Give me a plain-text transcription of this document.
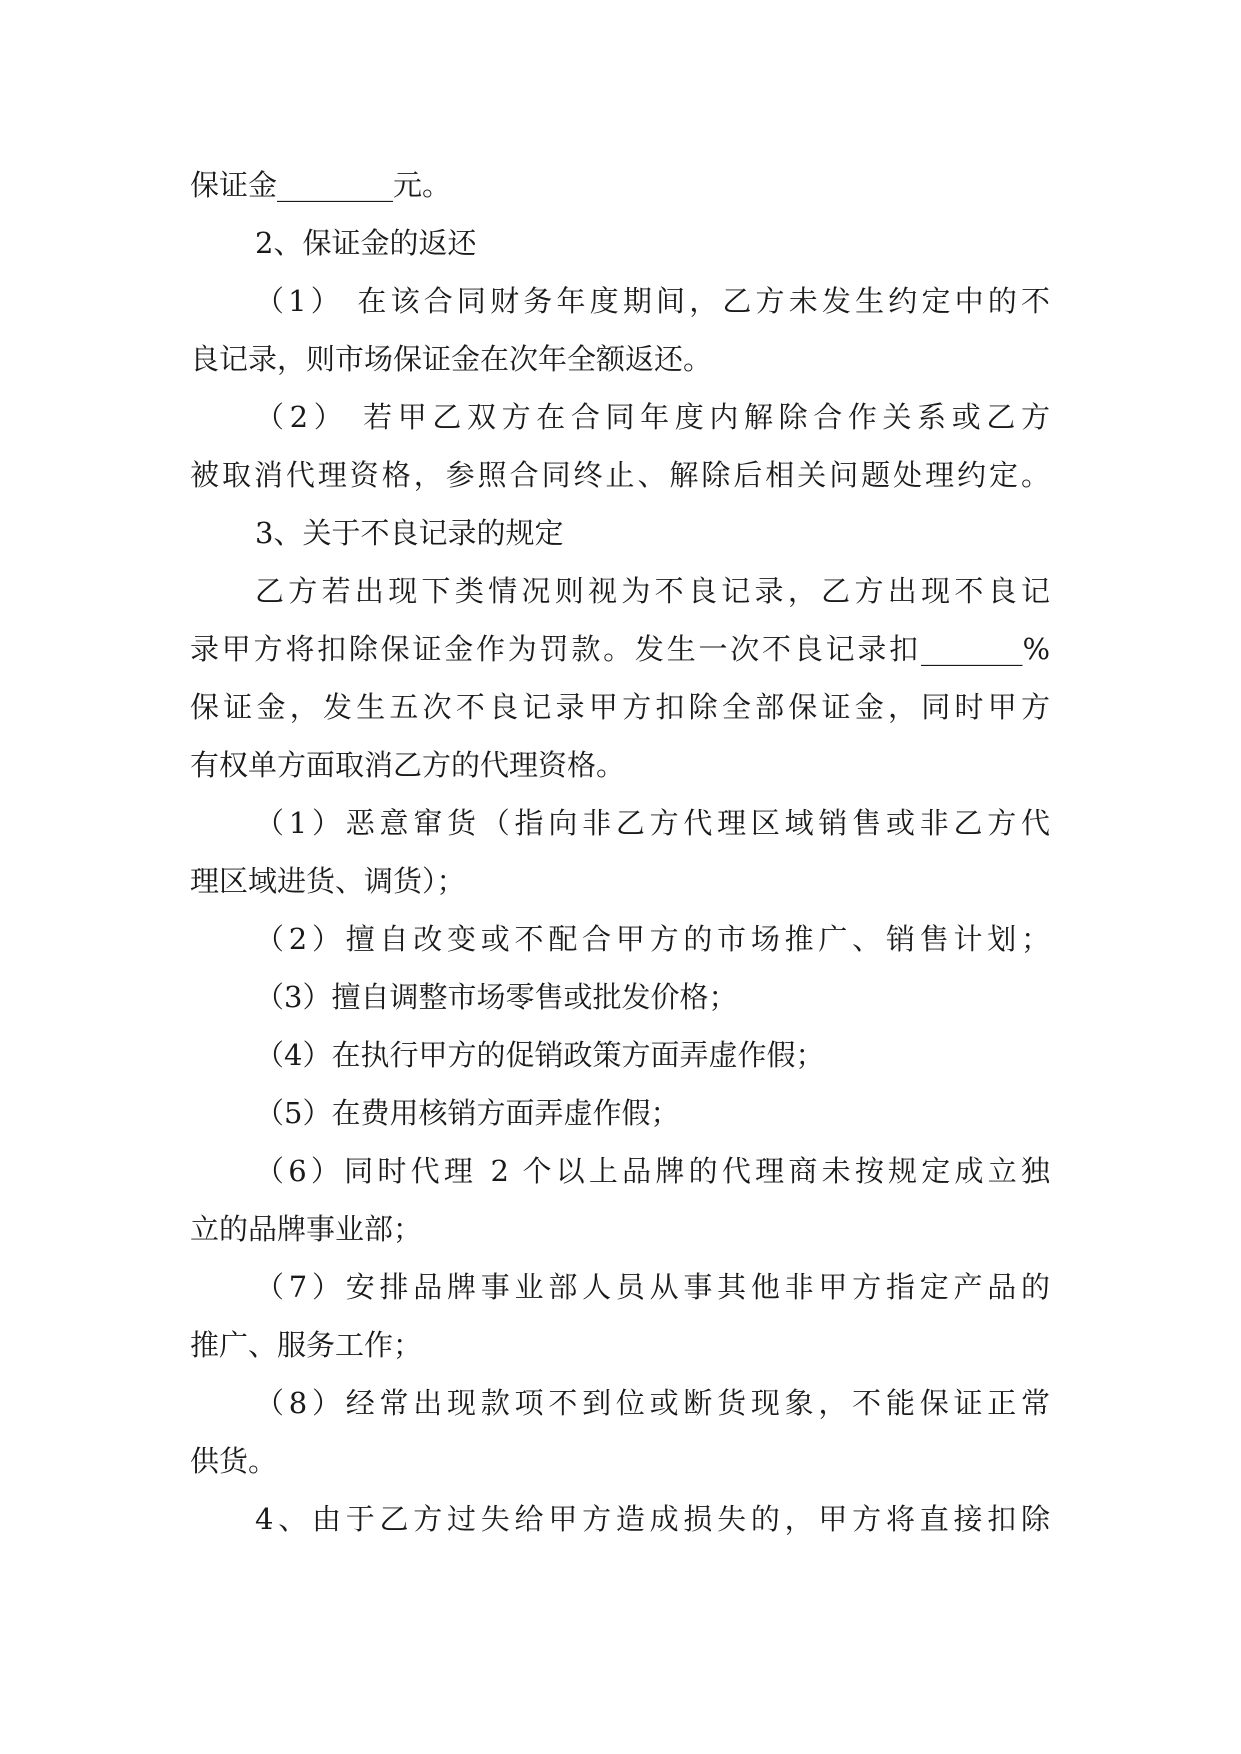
保证金________元。

2、保证金的返还

（1） 在该合同财务年度期间，乙方未发生约定中的不

良记录，则市场保证金在次年全额返还。

（2） 若甲乙双方在合同年度内解除合作关系或乙方

被取消代理资格，参照合同终止、解除后相关问题处理约定。

3、关于不良记录的规定

乙方若出现下类情况则视为不良记录，乙方出现不良记

录甲方将扣除保证金作为罚款。发生一次不良记录扣_______%

保证金，发生五次不良记录甲方扣除全部保证金，同时甲方

有权单方面取消乙方的代理资格。

（1）恶意窜货（指向非乙方代理区域销售或非乙方代

理区域进货、调货）；

（2）擅自改变或不配合甲方的市场推广、销售计划；

（3）擅自调整市场零售或批发价格；

（4）在执行甲方的促销政策方面弄虚作假；

（5）在费用核销方面弄虚作假；

（6）同时代理 2 个以上品牌的代理商未按规定成立独

立的品牌事业部；

（7）安排品牌事业部人员从事其他非甲方指定产品的

推广、服务工作；

（8）经常出现款项不到位或断货现象，不能保证正常

供货。

4、由于乙方过失给甲方造成损失的，甲方将直接扣除
